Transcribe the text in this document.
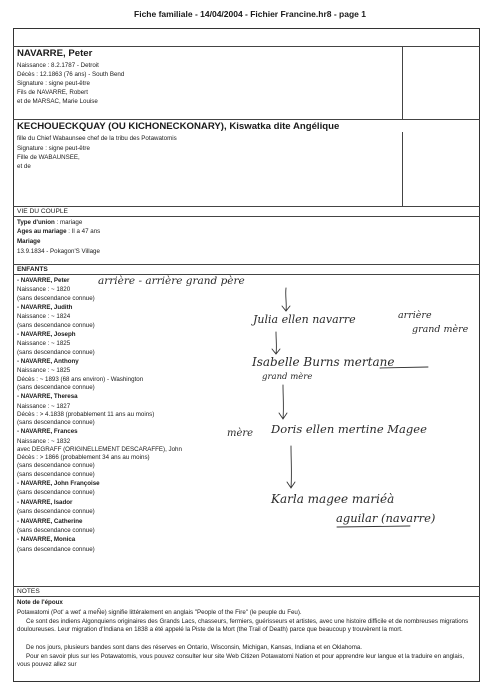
Fiche familiale - 14/04/2004 - Fichier Francine.hr8 - page 1
NAVARRE, Peter
Naissance : 8.2.1787 - Detroit
Décès : 12.1863 (76 ans) - South Bend
Signature : signe peut-être
Fils de NAVARRE, Robert
et de MARSAC, Marie Louise
KECHOUECKQUAY (OU KICHONECKONARY), Kiswatka dite Angélique
fille du Chief Wabaunsee chef de la tribu des Potawatomis
Signature : signe peut-être
Fille de WABAUNSEE,
et de
VIE DU COUPLE
Type d'union : mariage
Ages au mariage : Il a 47 ans
Mariage
13.9.1834 - Pokagon'S Village
ENFANTS
- NAVARRE, Peter
Naissance : ~ 1820
(sans descendance connue)
- NAVARRE, Judith
Naissance : ~ 1824
(sans descendance connue)
- NAVARRE, Joseph
Naissance : ~ 1825
(sans descendance connue)
- NAVARRE, Anthony
Naissance : ~ 1825
Décès : ~ 1893 (68 ans environ) - Washington
(sans descendance connue)
- NAVARRE, Theresa
Naissance : ~ 1827
Décès : > 4.1838 (probablement 11 ans au moins)
(sans descendance connue)
- NAVARRE, Frances
Naissance : ~ 1832
avec DEGRAFF (ORIGINELLEMENT DESCARAFFE), John
Décès : > 1866 (probablement 34 ans au moins)
(sans descendance connue)
(sans descendance connue)
- NAVARRE, John Françoise
(sans descendance connue)
- NAVARRE, Isador
(sans descendance connue)
- NAVARRE, Catherine
(sans descendance connue)
- NAVARRE, Monica
(sans descendance connue)
NOTES
Note de l'époux
Potawatomi (Pot' a wet' a meÑe) signifie littéralement en anglais "People of the Fire" (le peuple du Feu).
Ce sont des indiens Algonquiens originaires des Grands Lacs, chasseurs, fermiers, guérisseurs et artistes, avec une histoire difficile et de nombreuses migrations douloureuses. Leur migration d'Indiana en 1838 a été appelé la Piste de la Mort (the Trail of Death) parce que beaucoup y trouvèrent la mort.
De nos jours, plusieurs bandes sont dans des réserves en Ontario, Wisconsin, Michigan, Kansas, Indiana et en Oklahoma.
Pour en savoir plus sur les Potawatomis, vous pouvez consulter leur site Web Citizen Potawatomi Nation et pour apprendre leur langue et la traduire en anglais, vous pouvez allez sur
arrière - arrière grand père
Julia ellen navarre	arrière
grand mère
Isabelle Burns mertane
grand mère
mère Doris ellen mertine Magee
Karla magee mariéà
aguilar (navarre)
